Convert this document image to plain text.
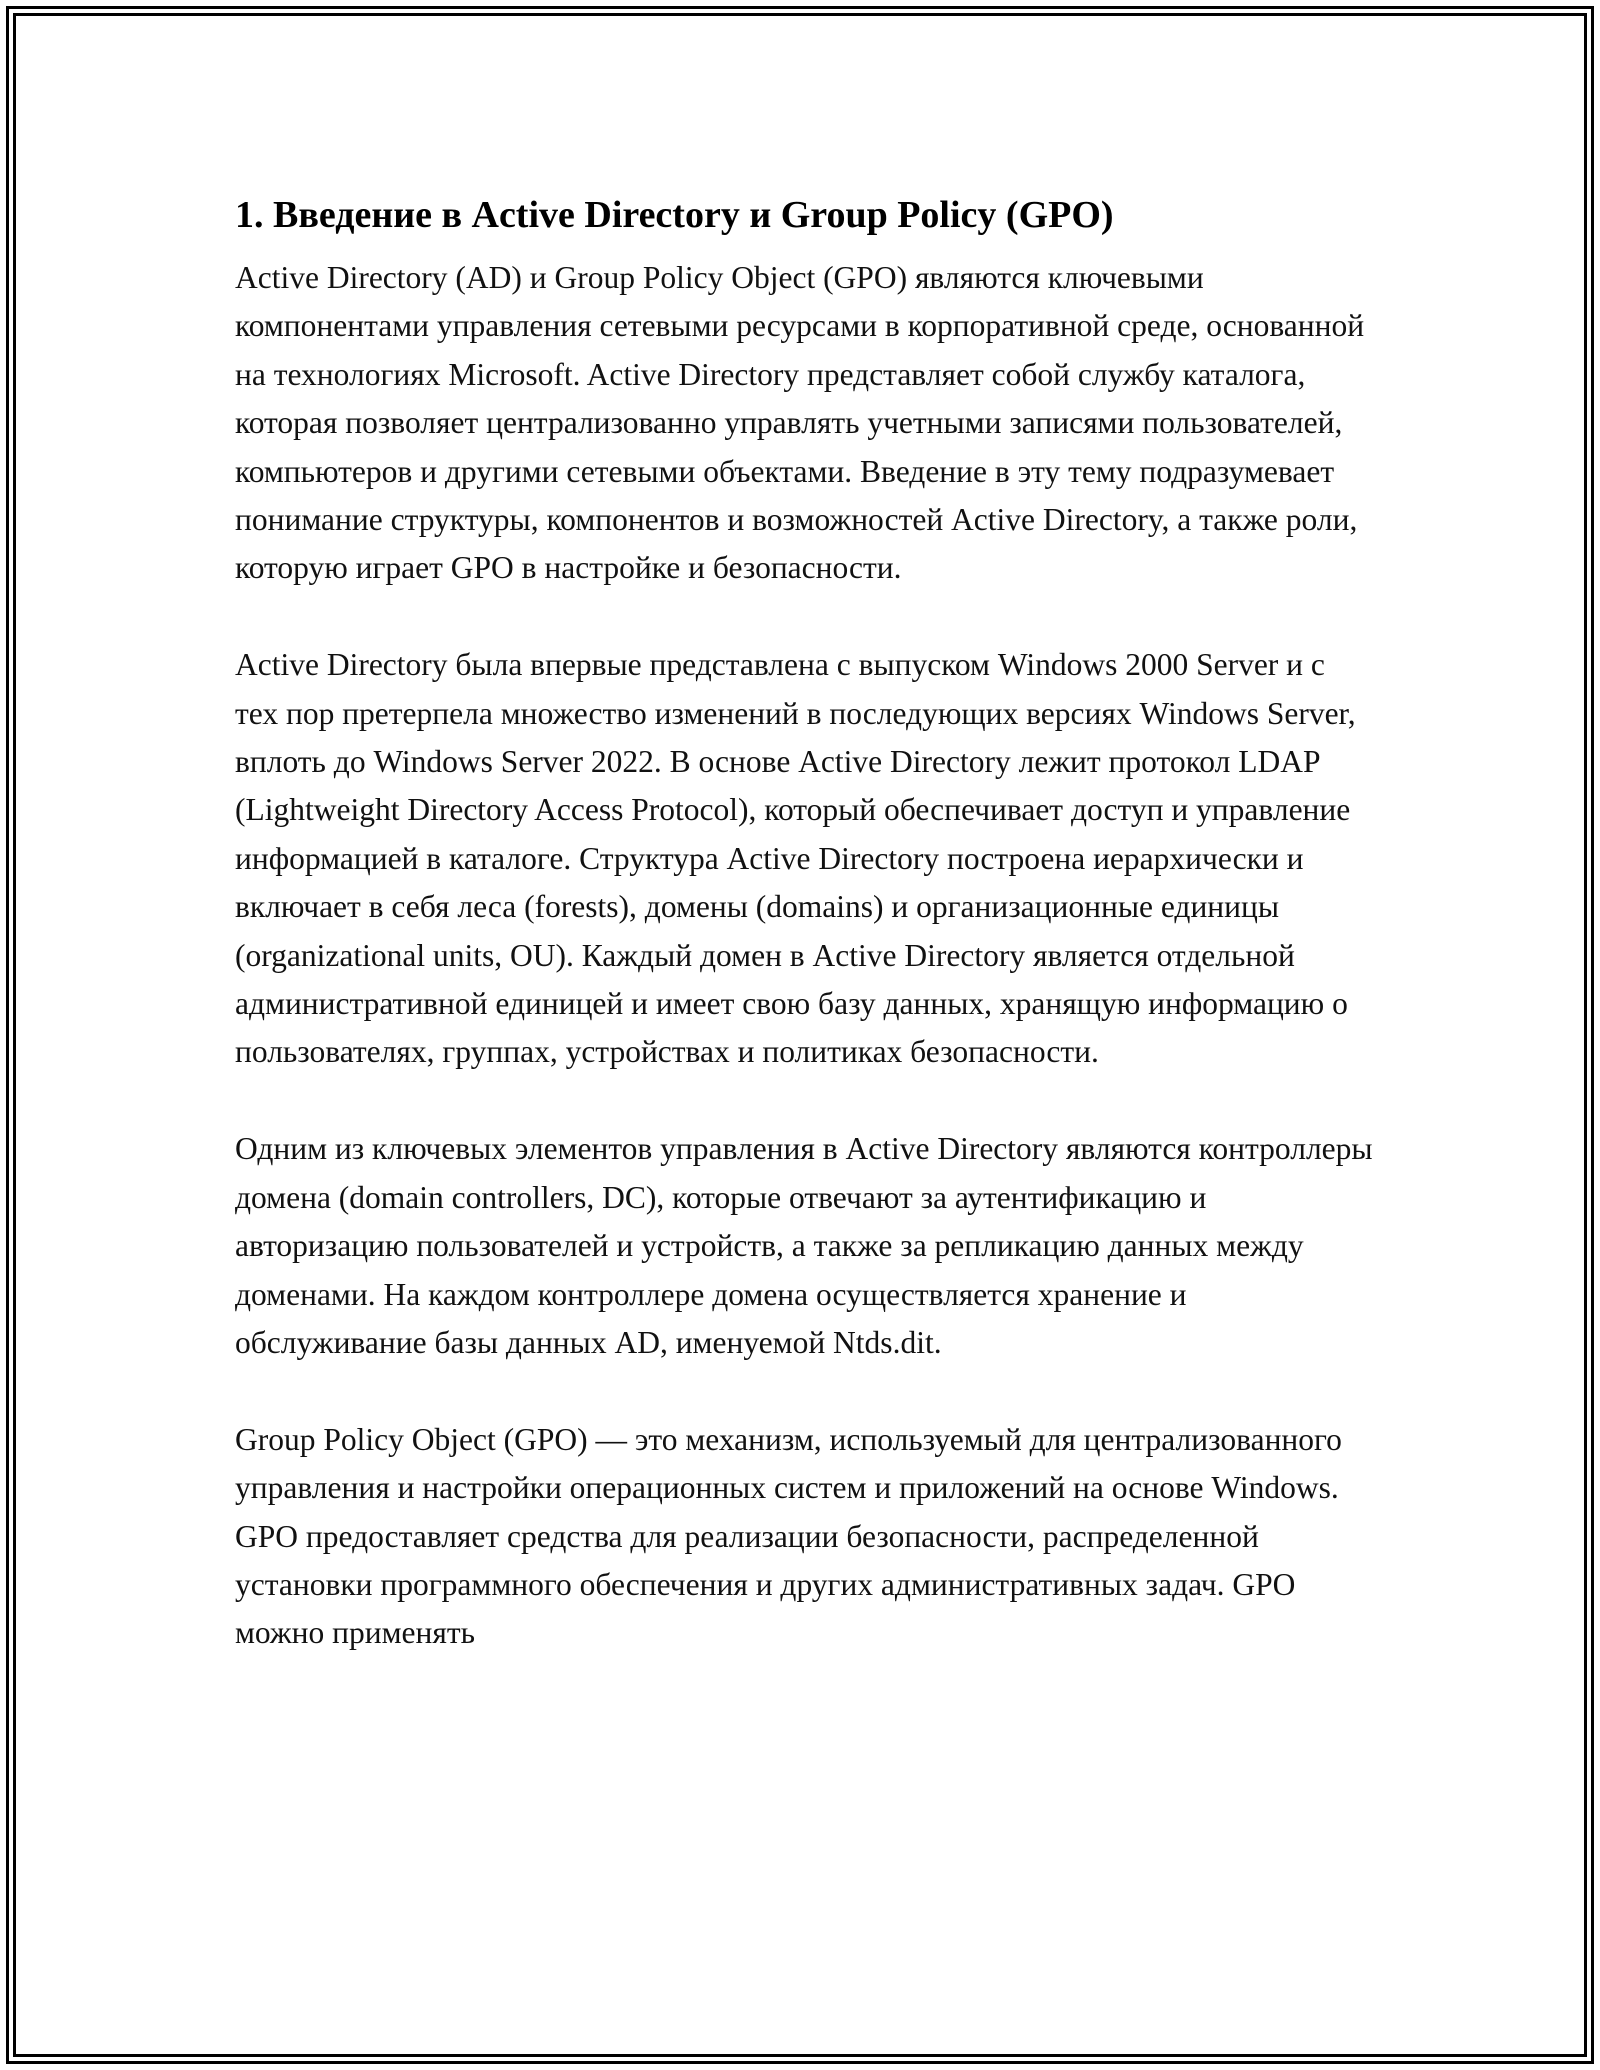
1. Введение в Active Directory и Group Policy (GPO)

Active Directory (AD) и Group Policy Object (GPO) являются ключевыми компонентами управления сетевыми ресурсами в корпоративной среде, основанной на технологиях Microsoft. Active Directory представляет собой службу каталога, которая позволяет централизованно управлять учетными записями пользователей, компьютеров и другими сетевыми объектами. Введение в эту тему подразумевает понимание структуры, компонентов и возможностей Active Directory, а также роли, которую играет GPO в настройке и безопасности.

Active Directory была впервые представлена с выпуском Windows 2000 Server и с тех пор претерпела множество изменений в последующих версиях Windows Server, вплоть до Windows Server 2022. В основе Active Directory лежит протокол LDAP (Lightweight Directory Access Protocol), который обеспечивает доступ и управление информацией в каталоге. Структура Active Directory построена иерархически и включает в себя леса (forests), домены (domains) и организационные единицы (organizational units, OU). Каждый домен в Active Directory является отдельной административной единицей и имеет свою базу данных, хранящую информацию о пользователях, группах, устройствах и политиках безопасности.

Одним из ключевых элементов управления в Active Directory являются контроллеры домена (domain controllers, DC), которые отвечают за аутентификацию и авторизацию пользователей и устройств, а также за репликацию данных между доменами. На каждом контроллере домена осуществляется хранение и обслуживание базы данных AD, именуемой Ntds.dit.

Group Policy Object (GPO) — это механизм, используемый для централизованного управления и настройки операционных систем и приложений на основе Windows. GPO предоставляет средства для реализации безопасности, распределенной установки программного обеспечения и других административных задач. GPO можно применять
